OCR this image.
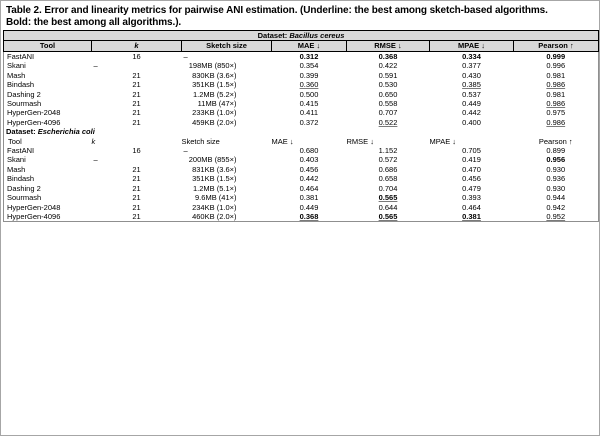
Table 2. Error and linearity metrics for pairwise ANI estimation. (Underline: the best among sketch-based algorithms.
Bold: the best among all algorithms.).
Dataset: Bacillus cereus						
Tool	k	Sketch size	MAE ↓	RMSE ↓	MPAE ↓	Pearson ↑
FastANI	16	–	0.312	0.368	0.334	0.999
Skani	–	198MB (850×)	0.354	0.422	0.377	0.996
Mash	21	830KB (3.6×)	0.399	0.591	0.430	0.981
Bindash	21	351KB (1.5×)	0.360	0.530	0.385	0.986
Dashing 2	21	1.2MB (5.2×)	0.500	0.650	0.537	0.981
Sourmash	21	11MB (47×)	0.415	0.558	0.449	0.986
HyperGen-2048	21	233KB (1.0×)	0.411	0.707	0.442	0.975
HyperGen-4096	21	459KB (2.0×)	0.372	0.522	0.400	0.986
Dataset: Escherichia coli						
Tool	k	Sketch size	MAE ↓	RMSE ↓	MPAE ↓	Pearson ↑
FastANI	16	–	0.680	1.152	0.705	0.899
Skani	–	200MB (855×)	0.403	0.572	0.419	0.956
Mash	21	831KB (3.6×)	0.456	0.686	0.470	0.930
Bindash	21	351KB (1.5×)	0.442	0.658	0.456	0.936
Dashing 2	21	1.2MB (5.1×)	0.464	0.704	0.479	0.930
Sourmash	21	9.6MB (41×)	0.381	0.565	0.393	0.944
HyperGen-2048	21	234KB (1.0×)	0.449	0.644	0.464	0.942
HyperGen-4096	21	460KB (2.0×)	0.368	0.565	0.381	0.952
